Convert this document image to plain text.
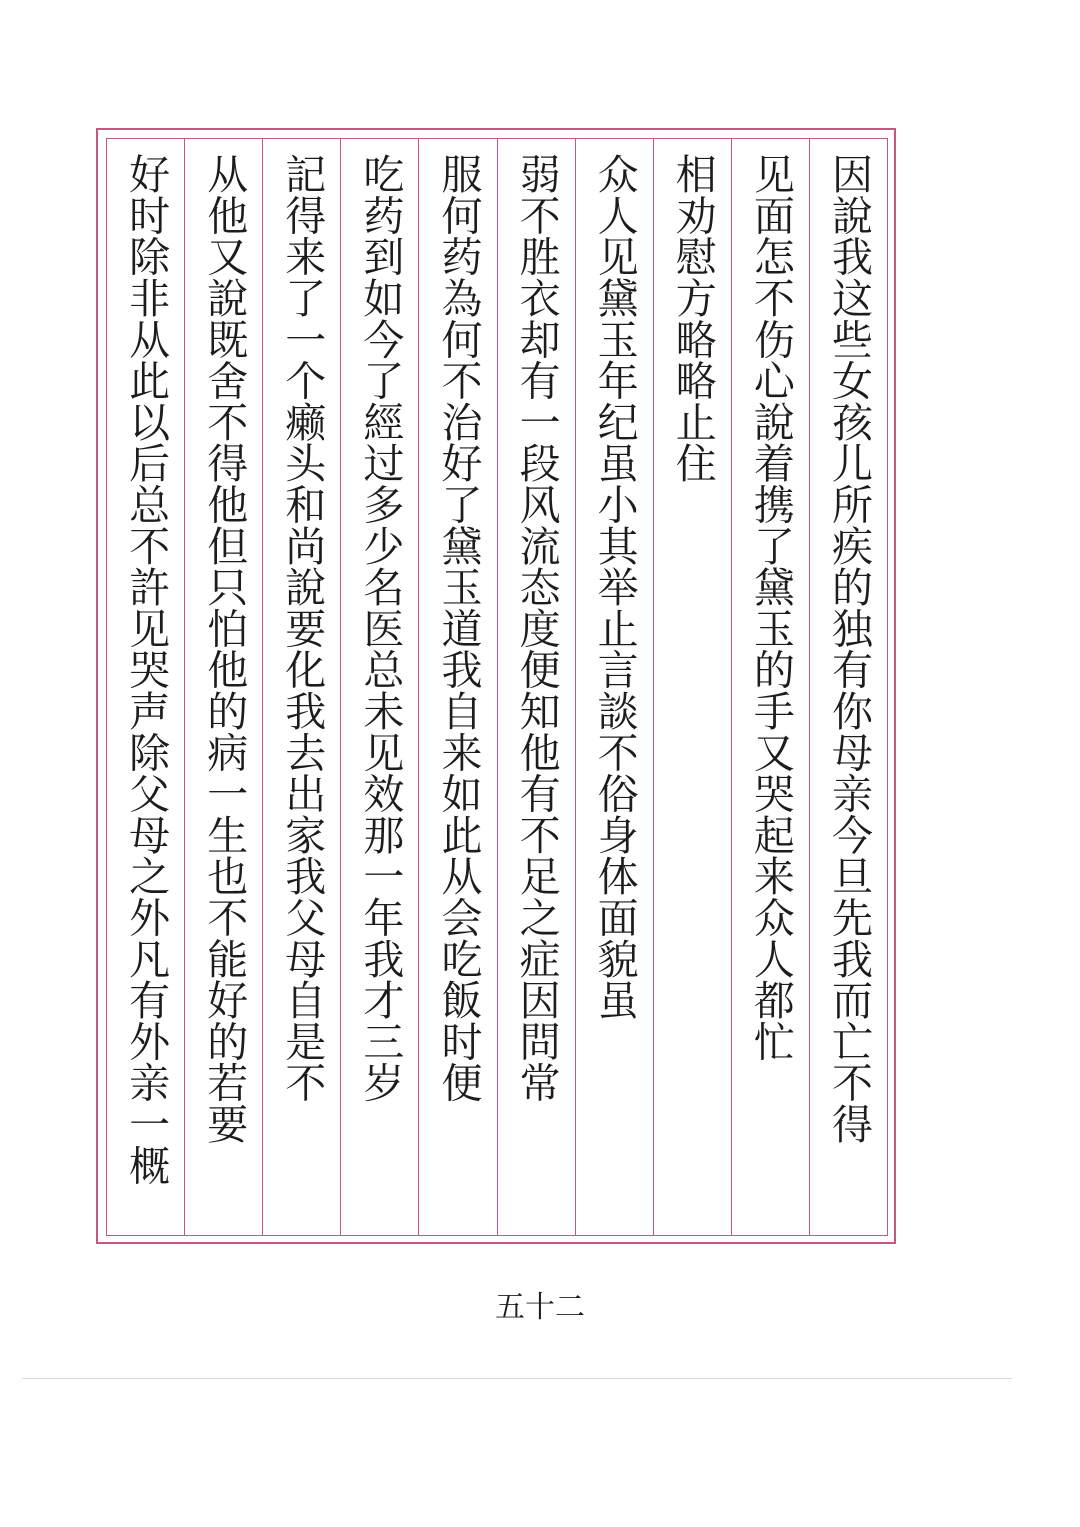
因說我这些女孩儿所疾的独有你母亲今旦先我而亡不得
见面怎不伤心說着携了黛玉的手又哭起来众人都忙
相劝慰方略略止住
众人见黛玉年纪虽小其举止言談不俗身体面貌虽
弱不胜衣却有一段风流态度便知他有不足之症因問常
服何药為何不治好了黛玉道我自来如此从会吃飯时便
吃药到如今了經过多少名医总未见效那一年我才三岁
記得来了一个癞头和尚說要化我去出家我父母自是不
从他又說既舍不得他但只怕他的病一生也不能好的若要
好时除非从此以后总不許见哭声除父母之外凡有外亲一概
五十二
